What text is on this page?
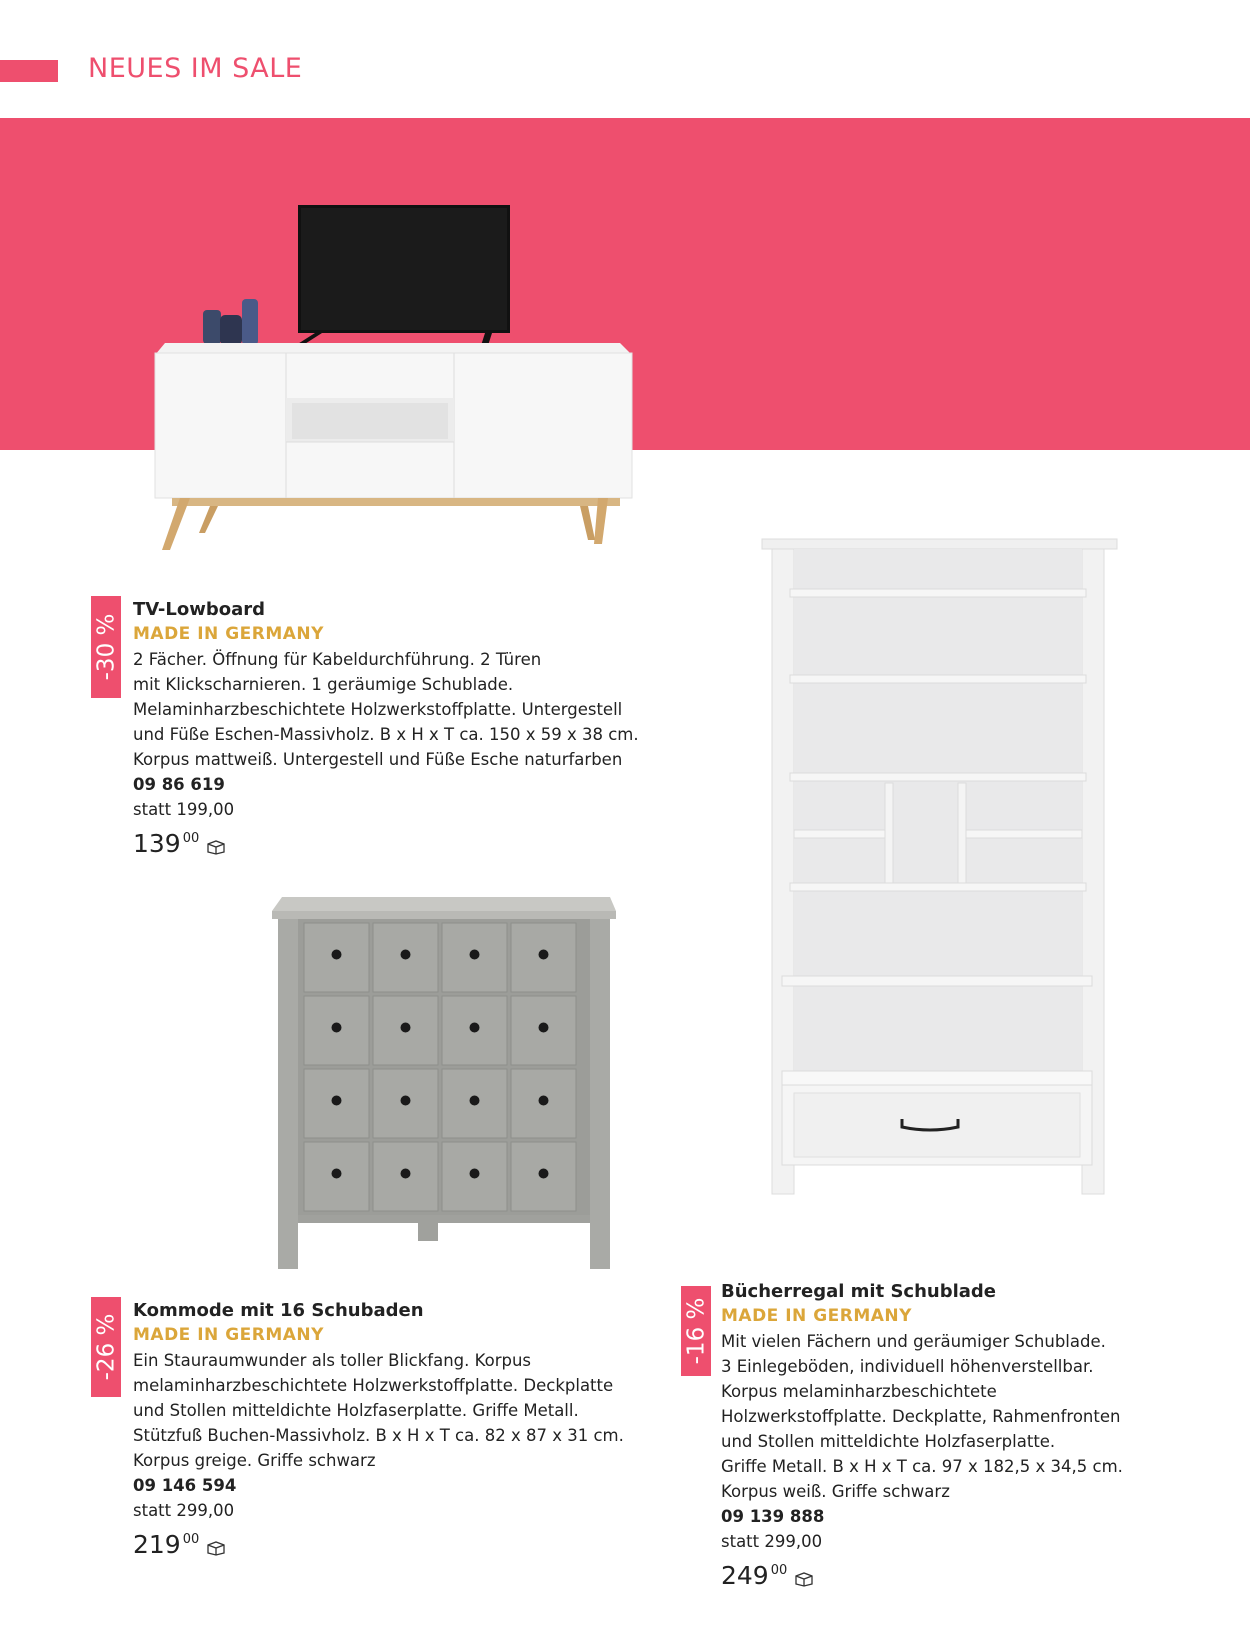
NEUES IM SALE
-30 %
TV-Lowboard
MADE IN GERMANY
2 Fächer. Öffnung für Kabeldurchführung. 2 Türen
mit Klickscharnieren. 1 geräumige Schublade.
Melaminharzbeschichtete Holzwerkstoffplatte. Untergestell
und Füße Eschen-Massivholz. B x H x T ca. 150 x 59 x 38 cm.
Korpus mattweiß. Untergestell und Füße Esche naturfarben
09 86 619
statt 199,00
$139^{00}$
-26 %
Kommode mit 16 Schubaden
MADE IN GERMANY
Ein Stauraumwunder als toller Blickfang. Korpus
melaminharzbeschichtete Holzwerkstoffplatte. Deckplatte
und Stollen mitteldichte Holzfaserplatte. Griffe Metall.
Stützfuß Buchen-Massivholz. B x H x T ca. 82 x 87 x 31 cm.
Korpus greige. Griffe schwarz
09 146 594
statt 299,00
$219^{00}$
-16 %
Bücherregal mit Schublade
MADE IN GERMANY
Mit vielen Fächern und geräumiger Schublade.
3 Einlegeböden, individuell höhenverstellbar.
Korpus melaminharzbeschichtete
Holzwerkstoffplatte. Deckplatte, Rahmenfronten
und Stollen mitteldichte Holzfaserplatte.
Griffe Metall. B x H x T ca. 97 x 182,5 x 34,5 cm.
Korpus weiß. Griffe schwarz
09 139 888
statt 299,00
$249^{00}$
